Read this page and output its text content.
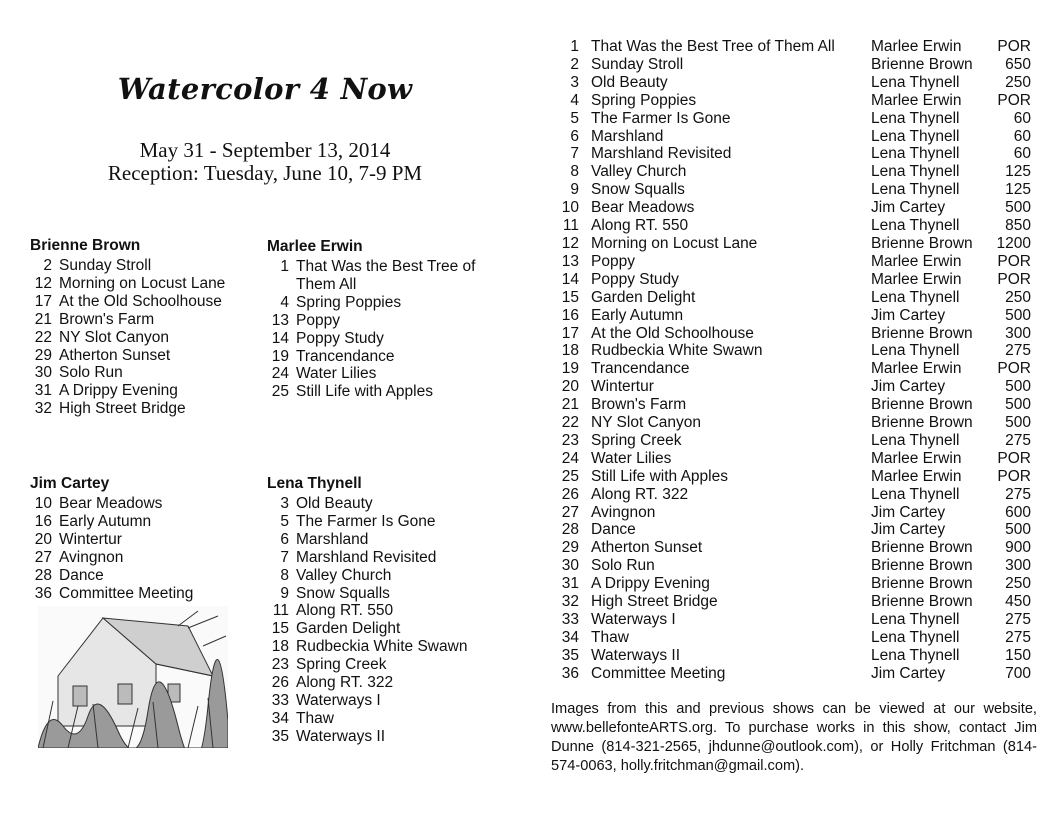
Watercolor 4 Now
May 31 - September 13, 2014
Reception: Tuesday, June 10, 7-9 PM
Brienne Brown
2 Sunday Stroll
12 Morning on Locust Lane
17 At the Old Schoolhouse
21 Brown's Farm
22 NY Slot Canyon
29 Atherton Sunset
30 Solo Run
31 A Drippy Evening
32 High Street Bridge
Marlee Erwin
1 That Was the Best Tree of Them All
4 Spring Poppies
13 Poppy
14 Poppy Study
19 Trancendance
24 Water Lilies
25 Still Life with Apples
Jim Cartey
10 Bear Meadows
16 Early Autumn
20 Wintertur
27 Avingnon
28 Dance
36 Committee Meeting
Lena Thynell
3 Old Beauty
5 The Farmer Is Gone
6 Marshland
7 Marshland Revisited
8 Valley Church
9 Snow Squalls
11 Along RT. 550
15 Garden Delight
18 Rudbeckia White Swawn
23 Spring Creek
26 Along RT. 322
33 Waterways I
34 Thaw
35 Waterways II
1	That Was the Best Tree of Them All	Marlee Erwin	POR
2	Sunday Stroll	Brienne Brown	650
3	Old Beauty	Lena Thynell	250
4	Spring Poppies	Marlee Erwin	POR
5	The Farmer Is Gone	Lena Thynell	60
6	Marshland	Lena Thynell	60
7	Marshland Revisited	Lena Thynell	60
8	Valley Church	Lena Thynell	125
9	Snow Squalls	Lena Thynell	125
10	Bear Meadows	Jim Cartey	500
11	Along RT. 550	Lena Thynell	850
12	Morning on Locust Lane	Brienne Brown	1200
13	Poppy	Marlee Erwin	POR
14	Poppy Study	Marlee Erwin	POR
15	Garden Delight	Lena Thynell	250
16	Early Autumn	Jim Cartey	500
17	At the Old Schoolhouse	Brienne Brown	300
18	Rudbeckia White Swawn	Lena Thynell	275
19	Trancendance	Marlee Erwin	POR
20	Wintertur	Jim Cartey	500
21	Brown's Farm	Brienne Brown	500
22	NY Slot Canyon	Brienne Brown	500
23	Spring Creek	Lena Thynell	275
24	Water Lilies	Marlee Erwin	POR
25	Still Life with Apples	Marlee Erwin	POR
26	Along RT. 322	Lena Thynell	275
27	Avingnon	Jim Cartey	600
28	Dance	Jim Cartey	500
29	Atherton Sunset	Brienne Brown	900
30	Solo Run	Brienne Brown	300
31	A Drippy Evening	Brienne Brown	250
32	High Street Bridge	Brienne Brown	450
33	Waterways I	Lena Thynell	275
34	Thaw	Lena Thynell	275
35	Waterways II	Lena Thynell	150
36	Committee Meeting	Jim Cartey	700
Images from this and previous shows can be viewed at our website, www.bellefonteARTS.org. To purchase works in this show, contact Jim Dunne (814-321-2565, jhdunne@outlook.com), or Holly Fritchman (814-574-0063, holly.fritchman@gmail.com).
